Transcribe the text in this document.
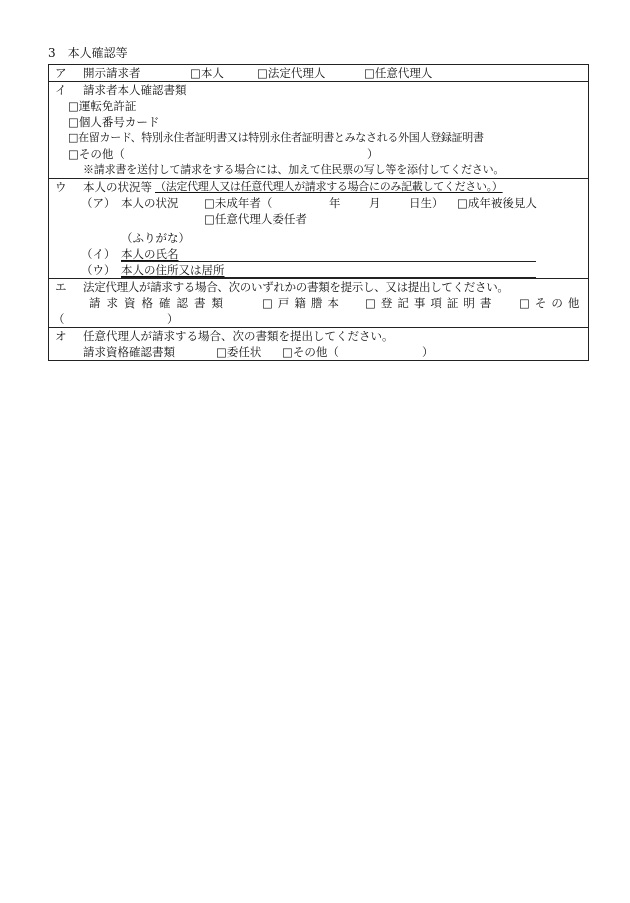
3　本人確認等
ア 開示請求者	□本人	□法定代理人	□任意代理人
イ 請求者本人確認書類
□運転免許証
□個人番号カード
□在留カード、特別永住者証明書又は特別永住者証明書とみなされる外国人登録証明書
□その他（	）
※請求書を送付して請求をする場合には、加えて住民票の写し等を添付してください。
ウ 本人の状況等 （法定代理人又は任意代理人が請求する場合にのみ記載してください。）
（ア） 本人の状況 □未成年者（	年 月 日生） □成年被後見人
□任意代理人委任者
（ふりがな）
（イ） 本人の氏名
（ウ） 本人の住所又は居所
エ 法定代理人が請求する場合、次のいずれかの書類を提示し、又は提出してください。
請求資格確認書類	□戸籍謄本 □登記事項証明書 □その他
（	）
オ 任意代理人が請求する場合、次の書類を提出してください。
請求資格確認書類	□委任状 □その他（	）
